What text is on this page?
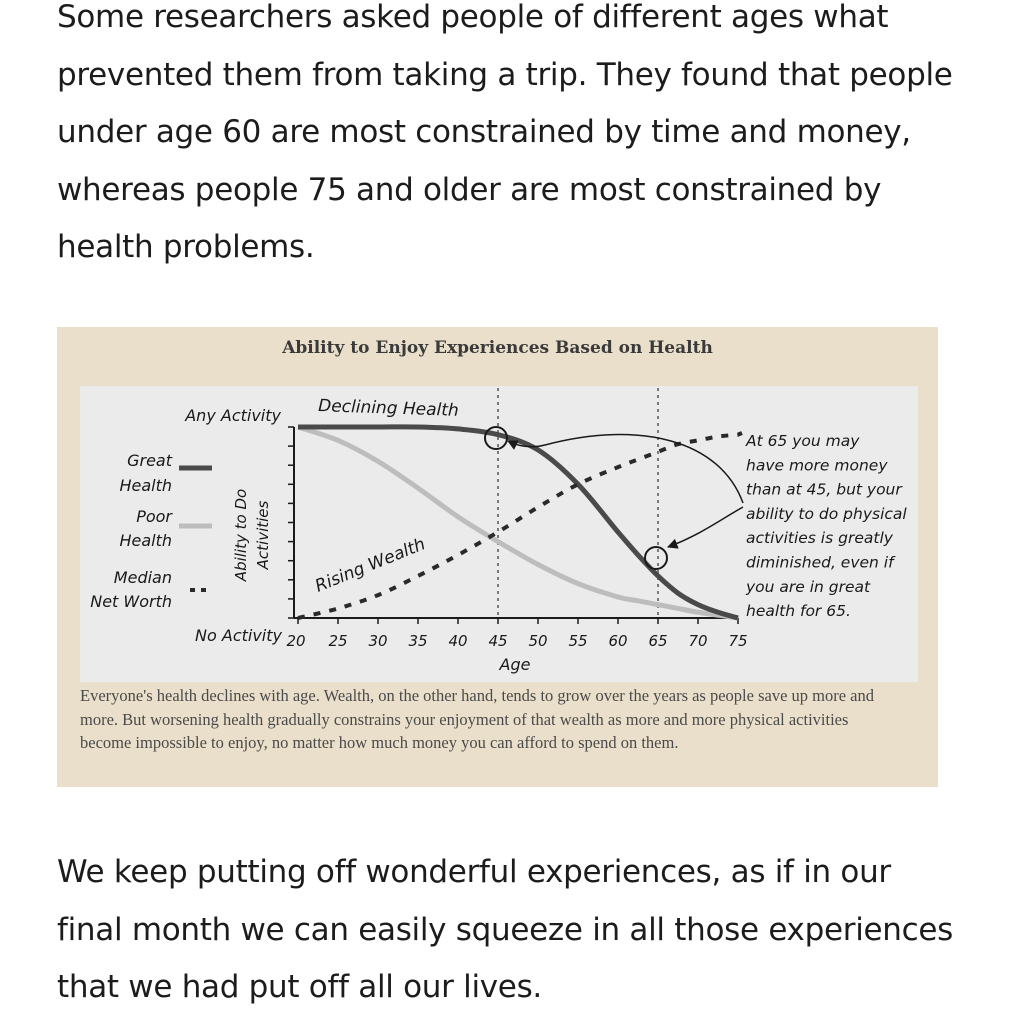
Some researchers asked people of different ages what prevented them from taking a trip. They found that people under age 60 are most constrained by time and money, whereas people 75 and older are most constrained by health problems.

Ability to Enjoy Experiences Based on Health
Great
Health
Poor
Health
Median
Net Worth
Ability to Do Activities
Any Activity
No Activity 20 25 30 35 40 45 50 55 60 65 70 75
Declining Health
Rising Wealth
At 65 you may
have more money
than at 45, but your
ability to do physical
activities is greatly
diminished, even if
you are in great
health for 65.
Age

Everyone's health declines with age. Wealth, on the other hand, tends to grow over the years as people save up more and more. But worsening health gradually constrains your enjoyment of that wealth as more and more physical activities become impossible to enjoy, no matter how much money you can afford to spend on them.

We keep putting off wonderful experiences, as if in our final month we can easily squeeze in all those experiences that we had put off all our lives.
